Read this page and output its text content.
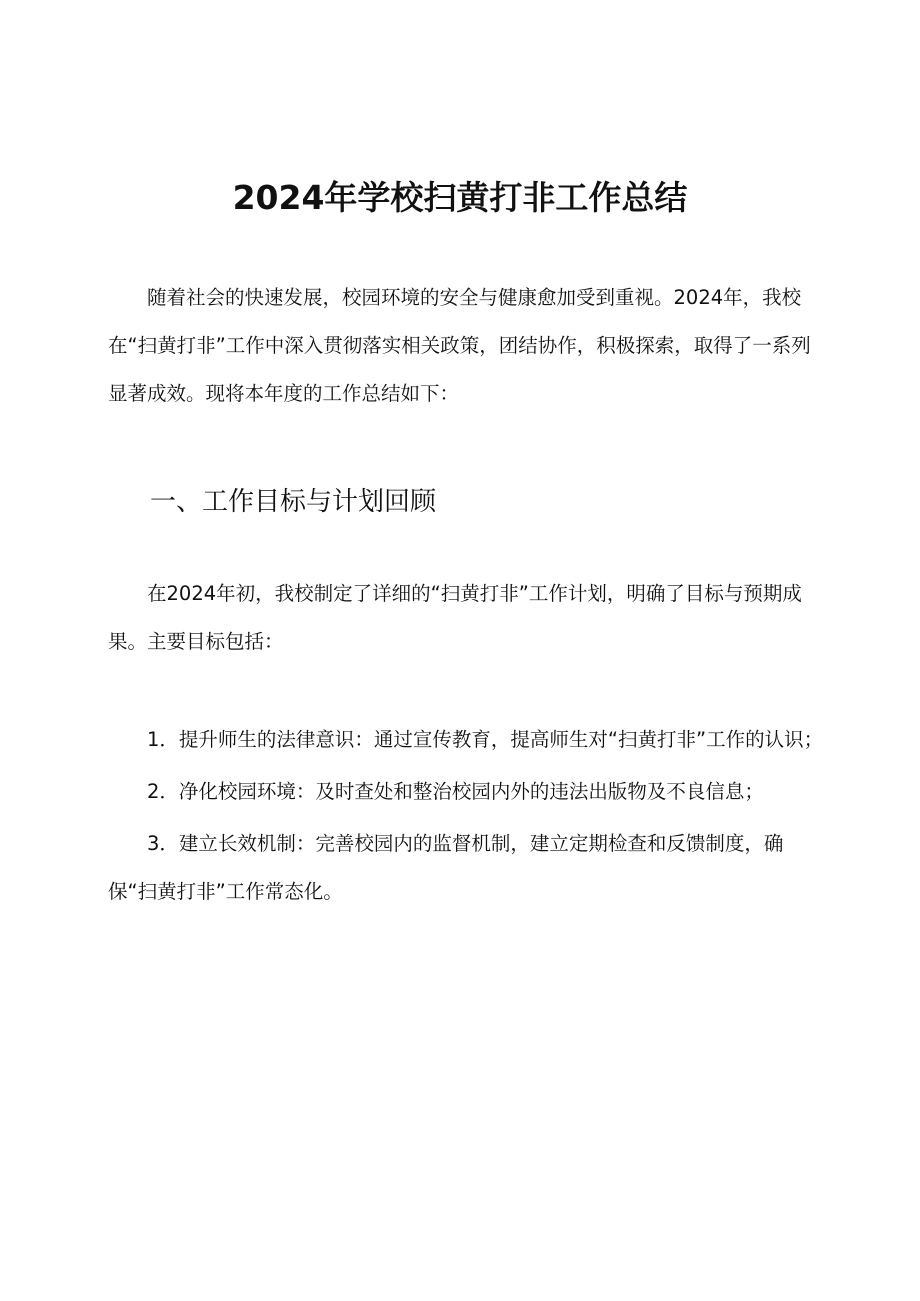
2024年学校扫黄打非工作总结

随着社会的快速发展，校园环境的安全与健康愈加受到重视。2024年，我校在“扫黄打非”工作中深入贯彻落实相关政策，团结协作，积极探索，取得了一系列显著成效。现将本年度的工作总结如下：

一、工作目标与计划回顾

在2024年初，我校制定了详细的“扫黄打非”工作计划，明确了目标与预期成果。主要目标包括：

1．提升师生的法律意识：通过宣传教育，提高师生对“扫黄打非”工作的认识；

2．净化校园环境：及时查处和整治校园内外的违法出版物及不良信息；

3．建立长效机制：完善校园内的监督机制，建立定期检查和反馈制度，确保“扫黄打非”工作常态化。
